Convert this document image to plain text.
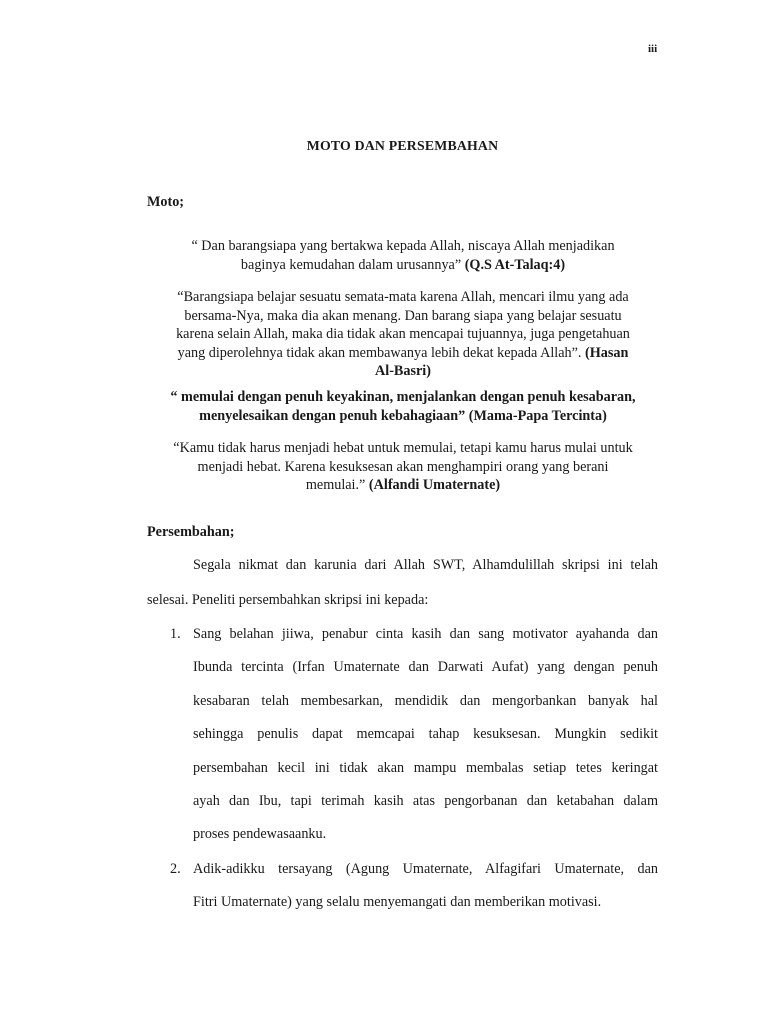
iii
MOTO DAN PERSEMBAHAN
Moto;
“ Dan barangsiapa yang bertakwa kepada Allah, niscaya Allah menjadikan
baginya kemudahan dalam urusannya” (Q.S At-Talaq:4)
“Barangsiapa belajar sesuatu semata-mata karena Allah, mencari ilmu yang ada
bersama-Nya, maka dia akan menang. Dan barang siapa yang belajar sesuatu
karena selain Allah, maka dia tidak akan mencapai tujuannya, juga pengetahuan
yang diperolehnya tidak akan membawanya lebih dekat kepada Allah”. (Hasan
Al-Basri)
“ memulai dengan penuh keyakinan, menjalankan dengan penuh kesabaran,
menyelesaikan dengan penuh kebahagiaan” (Mama-Papa Tercinta)
“Kamu tidak harus menjadi hebat untuk memulai, tetapi kamu harus mulai untuk
menjadi hebat. Karena kesuksesan akan menghampiri orang yang berani
memulai.” (Alfandi Umaternate)
Persembahan;
Segala nikmat dan karunia dari Allah SWT, Alhamdulillah skripsi ini telah
selesai. Peneliti persembahkan skripsi ini kepada:
1. Sang belahan jiiwa, penabur cinta kasih dan sang motivator ayahanda dan
Ibunda tercinta (Irfan Umaternate dan Darwati Aufat) yang dengan penuh
kesabaran telah membesarkan, mendidik dan mengorbankan banyak hal
sehingga penulis dapat memcapai tahap kesuksesan. Mungkin sedikit
persembahan kecil ini tidak akan mampu membalas setiap tetes keringat
ayah dan Ibu, tapi terimah kasih atas pengorbanan dan ketabahan dalam
proses pendewasaanku.
2. Adik-adikku tersayang (Agung Umaternate, Alfagifari Umaternate, dan
Fitri Umaternate) yang selalu menyemangati dan memberikan motivasi.
